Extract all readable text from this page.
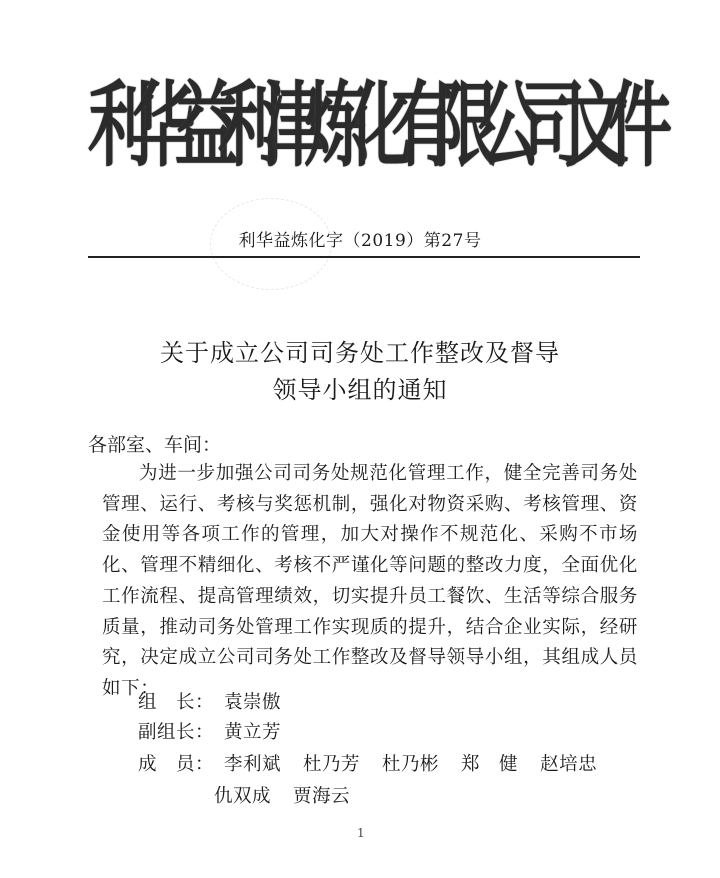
利
华
益
利
津
炼
化
有
限
公
司
文
件
利华益炼化字（2019）第27号
关于成立公司司务处工作整改及督导
领导小组的通知
各部室、车间：
为进一步加强公司司务处规范化管理工作，健全完善司务处管理、运行、考核与奖惩机制，强化对物资采购、考核管理、资金使用等各项工作的管理，加大对操作不规范化、采购不市场化、管理不精细化、考核不严谨化等问题的整改力度，全面优化工作流程、提高管理绩效，切实提升员工餐饮、生活等综合服务质量，推动司务处管理工作实现质的提升，结合企业实际，经研究，决定成立公司司务处工作整改及督导领导小组，其组成人员如下：
组　长： 袁崇傲
副组长： 黄立芳
成　员： 李利斌 杜乃芳 杜乃彬 郑　健 赵培忠
仇双成 贾海云
1
